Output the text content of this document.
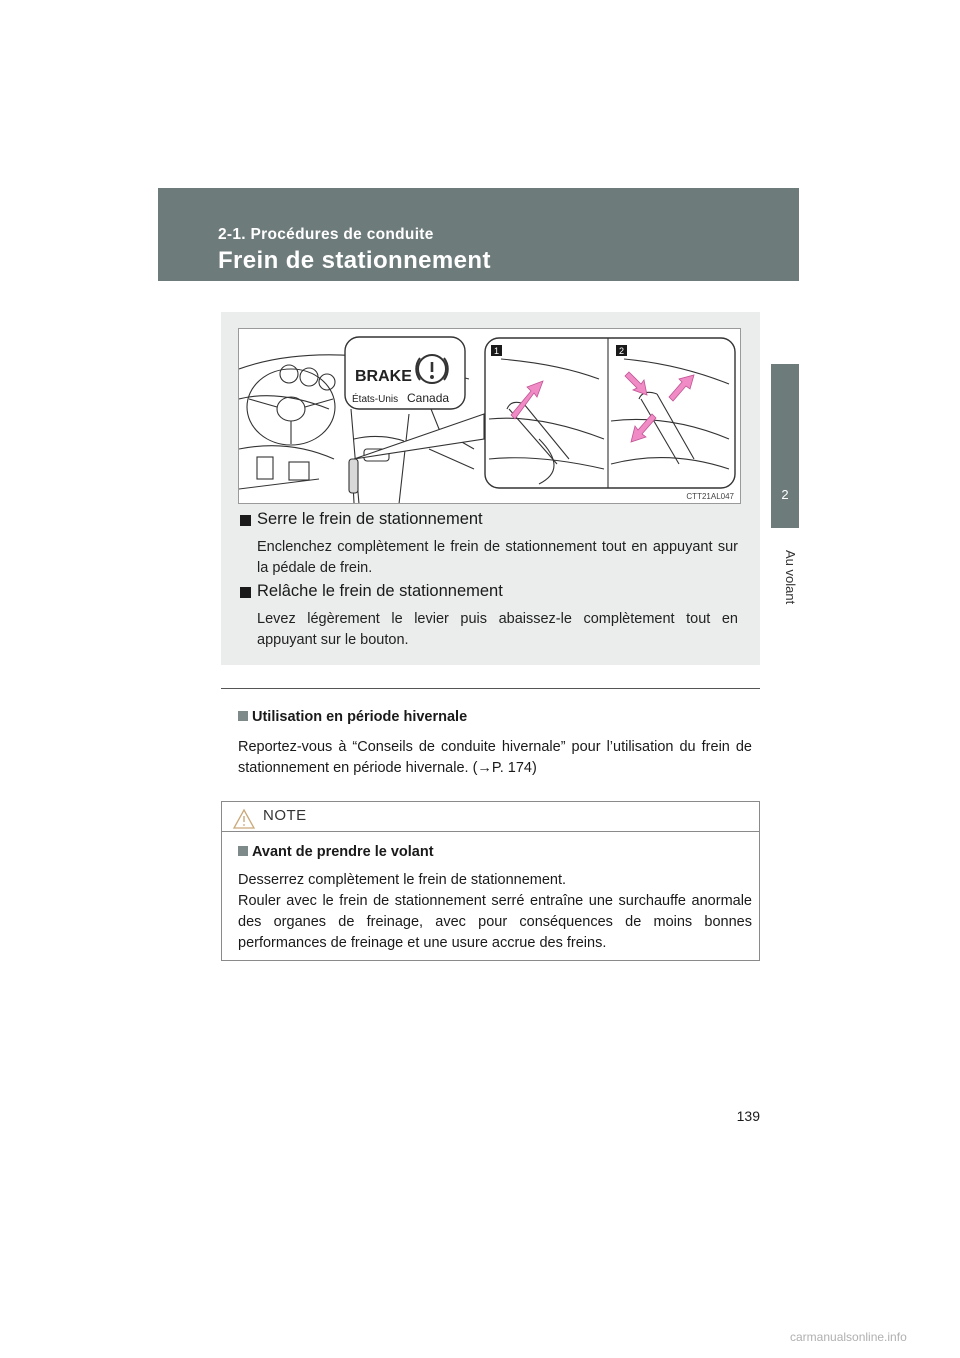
2-1. Procédures de conduite
Frein de stationnement
2
Au volant
1	2
BRAKE
États-Unis Canada
CTT21AL047
Serre le frein de stationnement
Enclenchez complètement le frein de stationnement tout en appuyant sur la pédale de frein.
Relâche le frein de stationnement
Levez légèrement le levier puis abaissez-le complètement tout en appuyant sur le bouton.
Utilisation en période hivernale
Reportez-vous à “Conseils de conduite hivernale” pour l’utilisation du frein de stationnement en période hivernale. (→P. 174)
NOTE
Avant de prendre le volant
Desserrez complètement le frein de stationnement.
Rouler avec le frein de stationnement serré entraîne une surchauffe anormale des organes de freinage, avec pour conséquences de moins bonnes performances de freinage et une usure accrue des freins.
139
carmanualsonline.info
